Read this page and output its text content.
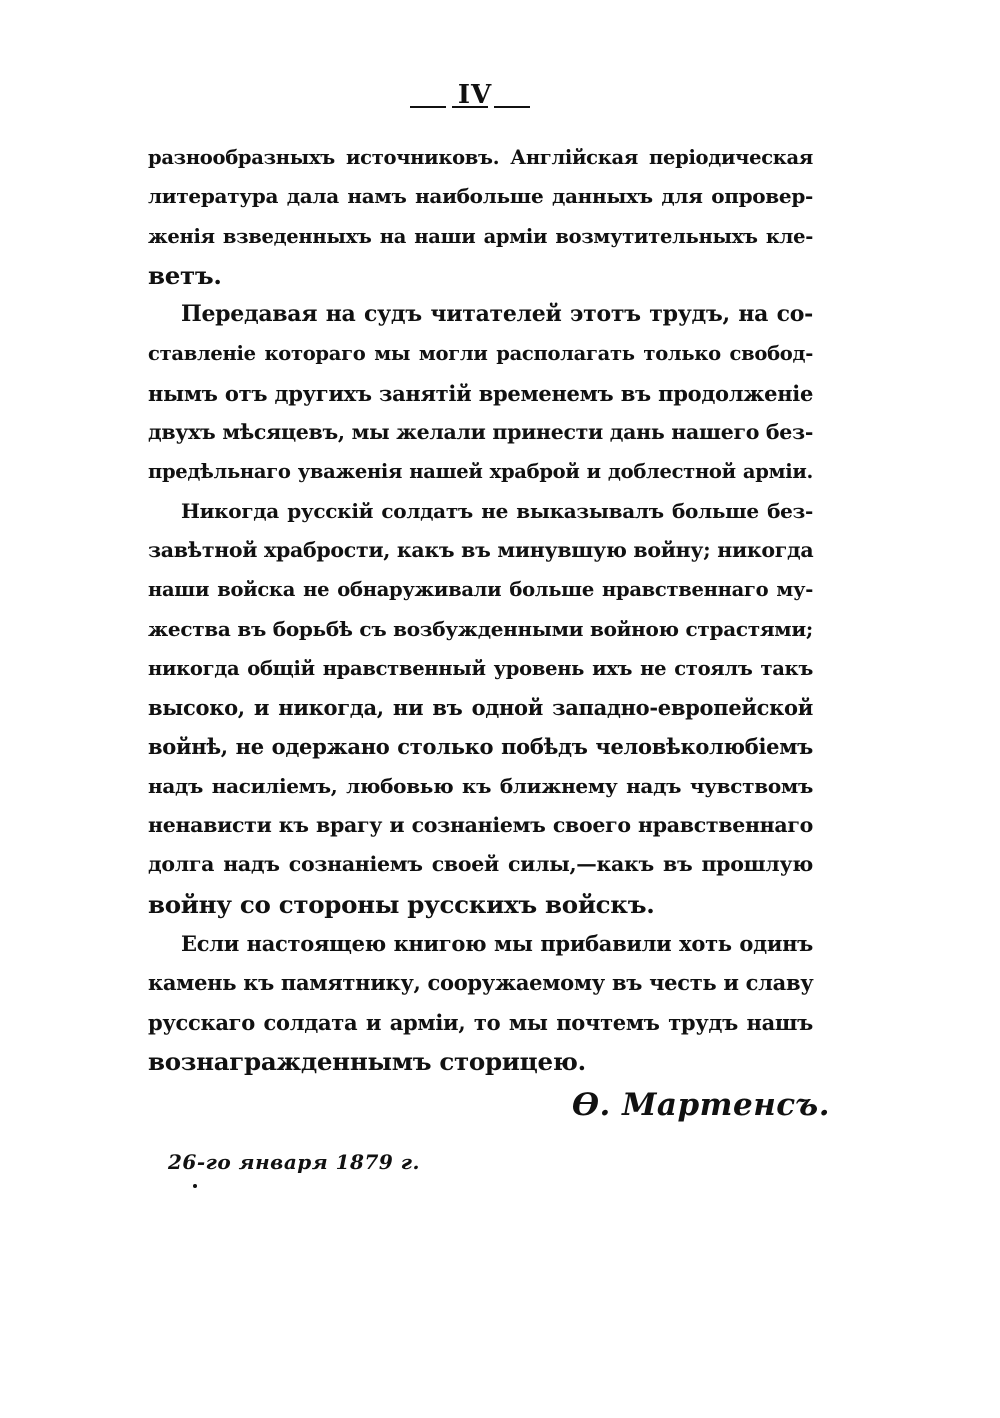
IV
разнообразныхъ источниковъ. Англiйская перiодическая
литература дала намъ наибольше данныхъ для опровер-
женiя взведенныхъ на наши армiи возмутительныхъ кле-
ветъ.
Передавая на судъ читателей этотъ трудъ, на со-
ставленiе котораго мы могли располагать только свобод-
нымъ отъ другихъ занятiй временемъ въ продолженiе
двухъ мѣсяцевъ, мы желали принести дань нашего без-
предѣльнаго уваженiя нашей храброй и доблестной армiи.
Никогда русскiй солдатъ не выказывалъ больше без-
завѣтной храбрости, какъ въ минувшую войну; никогда
наши войска не обнаруживали больше нравственнаго му-
жества въ борьбѣ съ возбужденными войною страстями;
никогда общiй нравственный уровень ихъ не стоялъ такъ
высоко, и никогда, ни въ одной западно-европейской
войнѣ, не одержано столько побѣдъ человѣколюбiемъ
надъ насилiемъ, любовью къ ближнему надъ чувствомъ
ненависти къ врагу и сознанiемъ своего нравственнаго
долга надъ сознанiемъ своей силы,—какъ въ прошлую
войну со стороны русскихъ войскъ.
Если настоящею книгою мы прибавили хоть одинъ
камень къ памятнику, сооружаемому въ честь и славу
русскаго солдата и армiи, то мы почтемъ трудъ нашъ
вознагражденнымъ сторицею.
Ѳ. Мартенсъ.
26-го января 1879 г.
